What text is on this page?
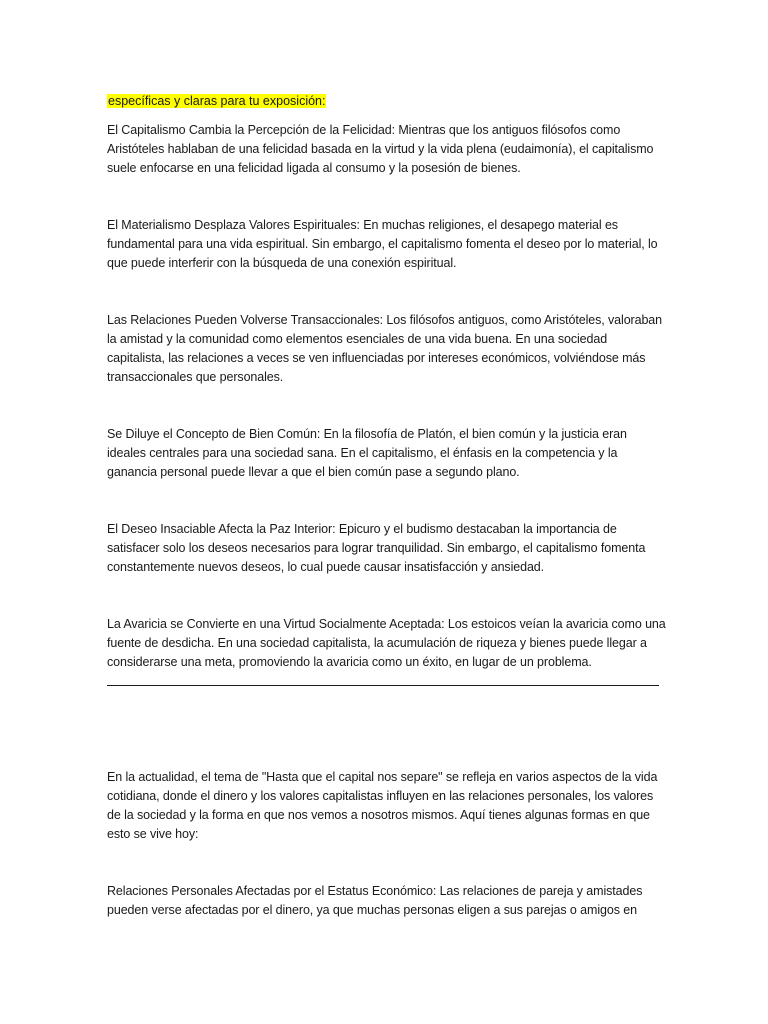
específicas y claras para tu exposición:

El Capitalismo Cambia la Percepción de la Felicidad: Mientras que los antiguos filósofos como Aristóteles hablaban de una felicidad basada en la virtud y la vida plena (eudaimonía), el capitalismo suele enfocarse en una felicidad ligada al consumo y la posesión de bienes.

El Materialismo Desplaza Valores Espirituales: En muchas religiones, el desapego material es fundamental para una vida espiritual. Sin embargo, el capitalismo fomenta el deseo por lo material, lo que puede interferir con la búsqueda de una conexión espiritual.

Las Relaciones Pueden Volverse Transaccionales: Los filósofos antiguos, como Aristóteles, valoraban la amistad y la comunidad como elementos esenciales de una vida buena. En una sociedad capitalista, las relaciones a veces se ven influenciadas por intereses económicos, volviéndose más transaccionales que personales.

Se Diluye el Concepto de Bien Común: En la filosofía de Platón, el bien común y la justicia eran ideales centrales para una sociedad sana. En el capitalismo, el énfasis en la competencia y la ganancia personal puede llevar a que el bien común pase a segundo plano.

El Deseo Insaciable Afecta la Paz Interior: Epicuro y el budismo destacaban la importancia de satisfacer solo los deseos necesarios para lograr tranquilidad. Sin embargo, el capitalismo fomenta constantemente nuevos deseos, lo cual puede causar insatisfacción y ansiedad.

La Avaricia se Convierte en una Virtud Socialmente Aceptada: Los estoicos veían la avaricia como una fuente de desdicha. En una sociedad capitalista, la acumulación de riqueza y bienes puede llegar a considerarse una meta, promoviendo la avaricia como un éxito, en lugar de un problema.

En la actualidad, el tema de "Hasta que el capital nos separe" se refleja en varios aspectos de la vida cotidiana, donde el dinero y los valores capitalistas influyen en las relaciones personales, los valores de la sociedad y la forma en que nos vemos a nosotros mismos. Aquí tienes algunas formas en que esto se vive hoy:

Relaciones Personales Afectadas por el Estatus Económico: Las relaciones de pareja y amistades pueden verse afectadas por el dinero, ya que muchas personas eligen a sus parejas o amigos en
